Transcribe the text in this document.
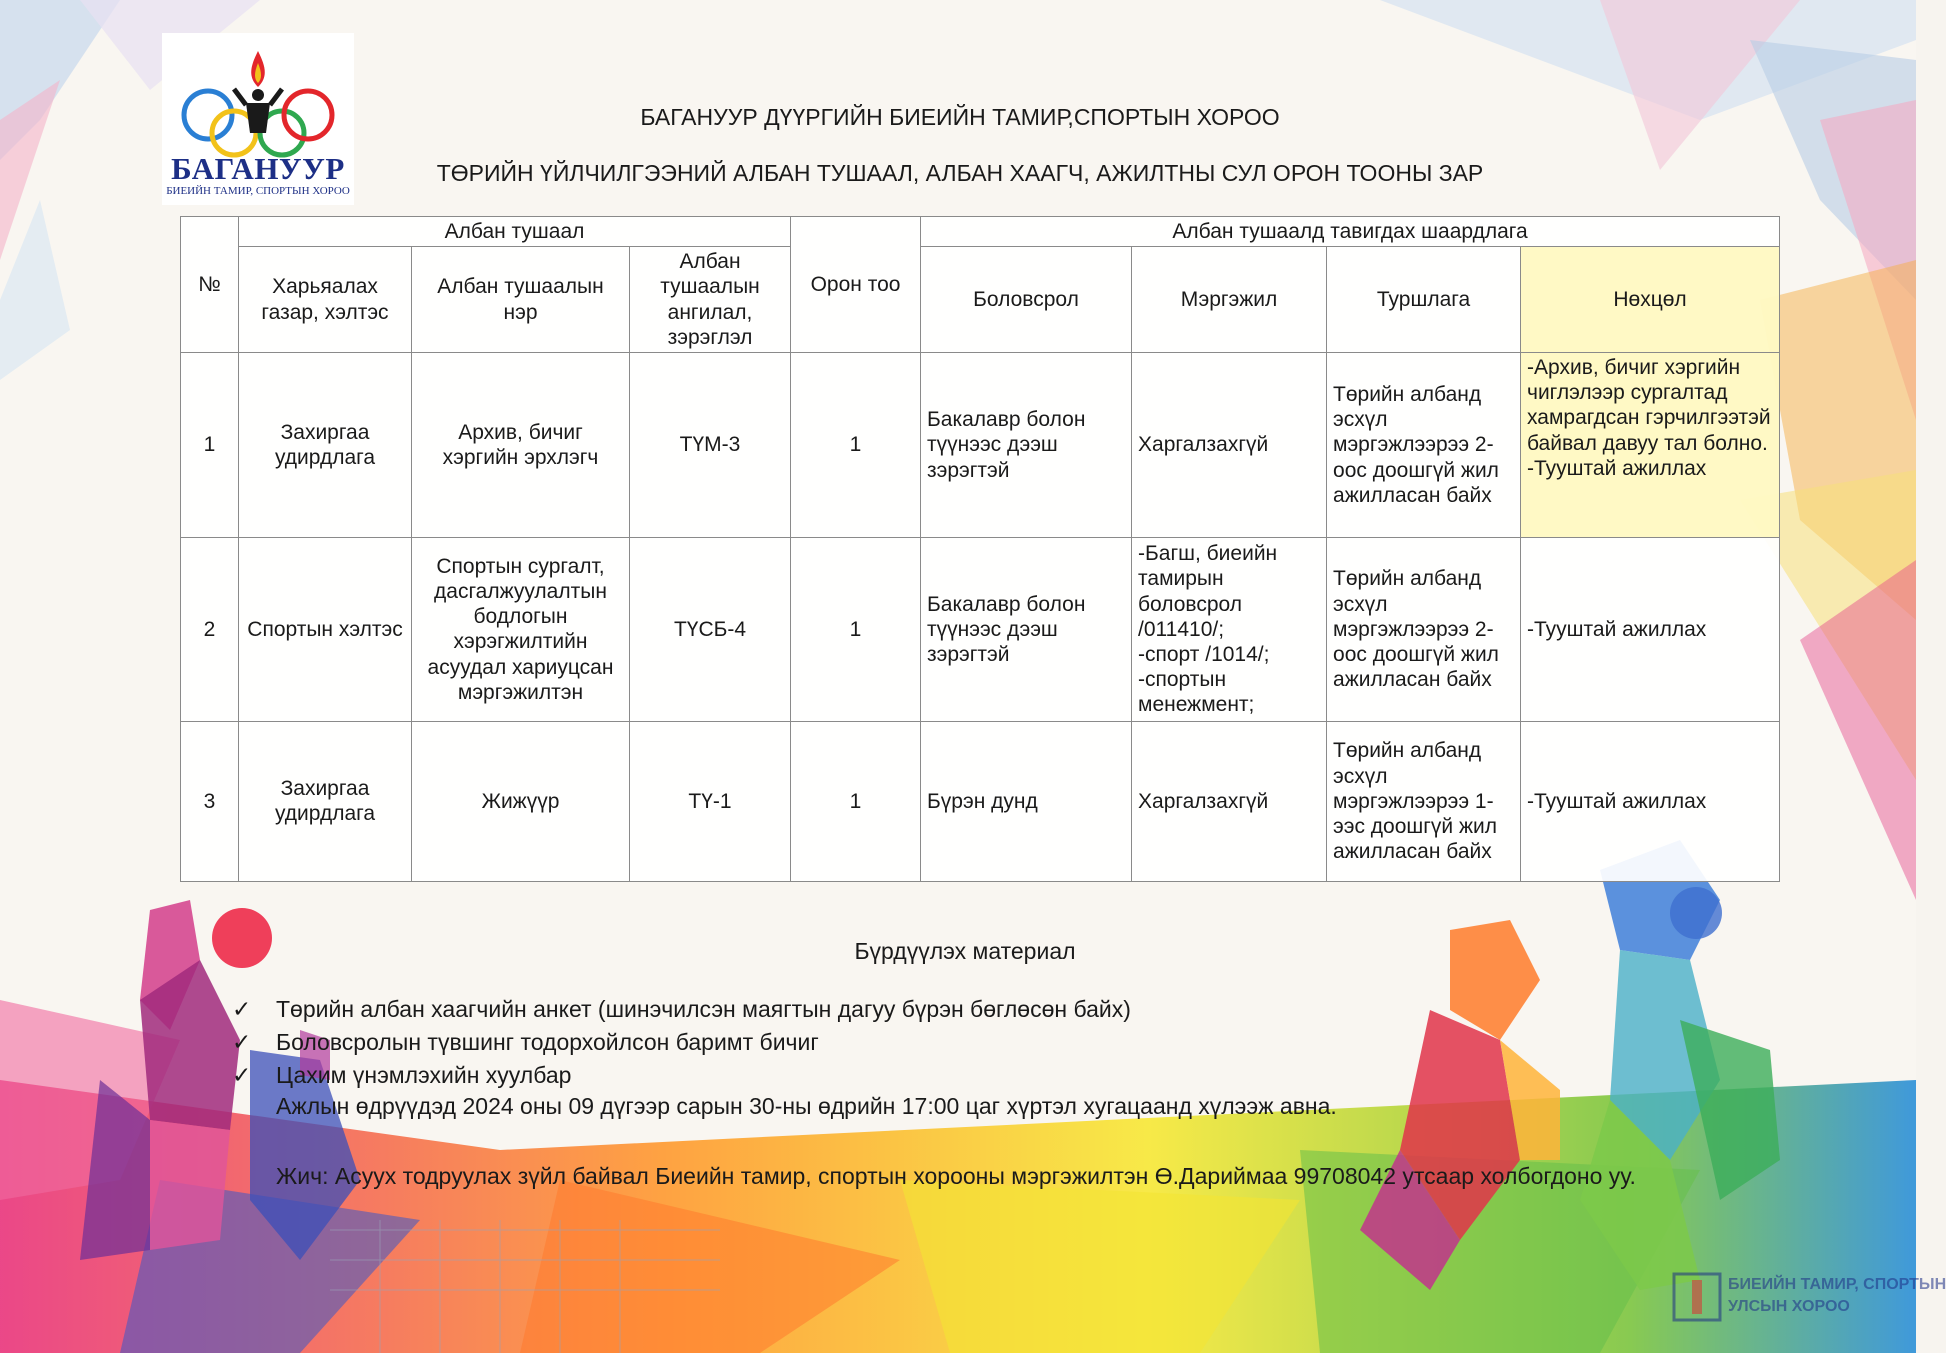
БАГАНУУР
БИЕИЙН ТАМИР, СПОРТЫН ХОРОО
БАГАНУУР ДҮҮРГИЙН БИЕИЙН ТАМИР,СПОРТЫН ХОРОО
ТӨРИЙН ҮЙЛЧИЛГЭЭНИЙ АЛБАН ТУШААЛ, АЛБАН ХААГЧ, АЖИЛТНЫ СУЛ ОРОН ТООНЫ ЗАР
№	Албан тушаал			Орон тоо	Албан тушаалд тавигдах шаардлага			
	Харьяалах газар, хэлтэс	Албан тушаалын нэр	Албан тушаалын ангилал, зэрэглэл		Боловсрол	Мэргэжил	Туршлага	Нөхцөл
1	Захиргаа удирдлага	Архив, бичиг хэргийн эрхлэгч	ТҮМ-3	1	Бакалавр болон түүнээс дээш зэрэгтэй	Харгалзахгүй	Төрийн албанд эсхүл мэргэжлээрээ 2-оос доошгүй жил ажилласан байх	-Архив, бичиг хэргийн чиглэлээр сургалтад хамрагдсан гэрчилгээтэй байвал давуу тал болно.
-Тууштай ажиллах
2	Спортын хэлтэс	Спортын сургалт, дасгалжуулалтын бодлогын хэрэгжилтийн асуудал хариуцсан мэргэжилтэн	ТҮСБ-4	1	Бакалавр болон түүнээс дээш зэрэгтэй	-Багш, биеийн тамирын боловсрол /011410/;
-спорт /1014/;
-спортын менежмент;	Төрийн албанд эсхүл мэргэжлээрээ 2-оос доошгүй жил ажилласан байх	-Тууштай ажиллах
3	Захиргаа удирдлага	Жижүүр	ТҮ-1	1	Бүрэн дунд	Харгалзахгүй	Төрийн албанд эсхүл мэргэжлээрээ 1-ээс доошгүй жил ажилласан байх	-Тууштай ажиллах
Бүрдүүлэх материал
✓ Төрийн албан хаагчийн анкет (шинэчилсэн маягтын дагуу бүрэн бөглөсөн байх)
✓ Боловсролын түвшинг тодорхойлсон баримт бичиг
✓ Цахим үнэмлэхийн хуулбар
Ажлын өдрүүдэд 2024 оны 09 дүгээр сарын 30-ны өдрийн 17:00 цаг хүртэл хугацаанд хүлээж авна.
Жич: Асуух тодруулах зүйл байвал Биеийн тамир, спортын хорооны мэргэжилтэн Ө.Дариймаа 99708042 утсаар холбогдоно уу.
БИЕИЙН ТАМИР, СПОРТЫН
УЛСЫН ХОРОО
